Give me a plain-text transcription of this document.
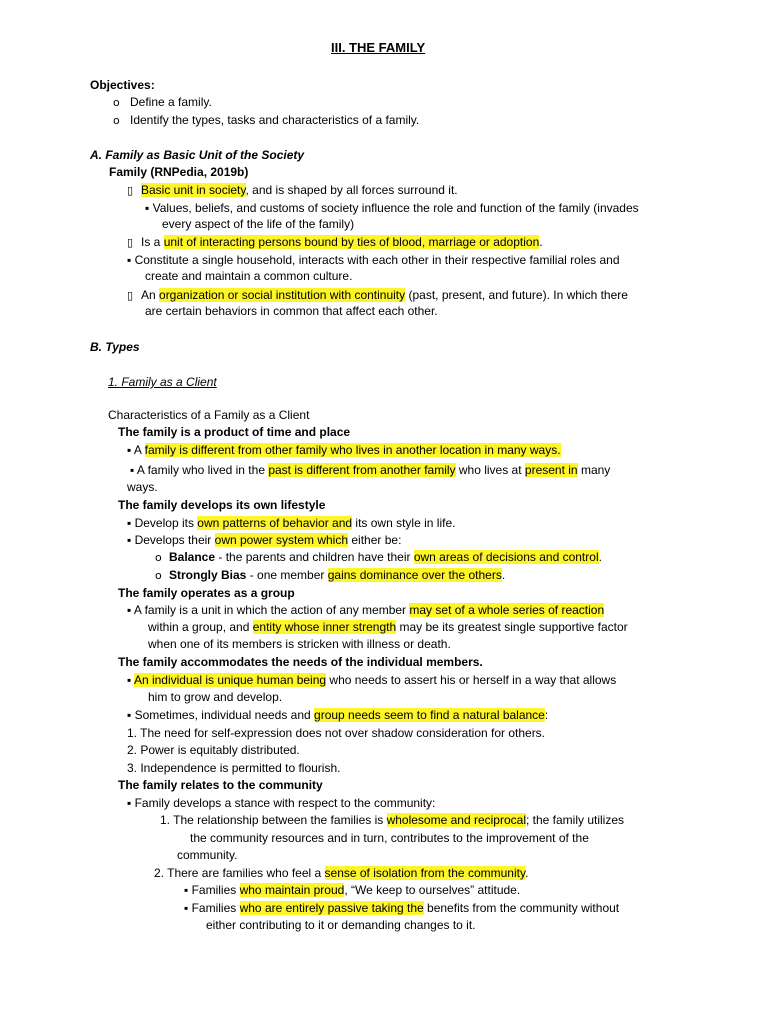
III. THE FAMILY
Objectives:
o Define a family.
o Identify the types, tasks and characteristics of a family.
A. Family as Basic Unit of the Society
Family (RNPedia, 2019b)
▯ Basic unit in society, and is shaped by all forces surround it.
▪ Values, beliefs, and customs of society influence the role and function of the family (invades
every aspect of the life of the family)
▯ Is a unit of interacting persons bound by ties of blood, marriage or adoption.
▪ Constitute a single household, interacts with each other in their respective familial roles and
create and maintain a common culture.
▯ An organization or social institution with continuity (past, present, and future). In which there
are certain behaviors in common that affect each other.
B. Types
1. Family as a Client
Characteristics of a Family as a Client
The family is a product of time and place
▪ A family is different from other family who lives in another location in many ways.
▪ A family who lived in the past is different from another family who lives at present in many
ways.
The family develops its own lifestyle
▪ Develop its own patterns of behavior and its own style in life.
▪ Develops their own power system which either be:
o Balance - the parents and children have their own areas of decisions and control.
o Strongly Bias - one member gains dominance over the others.
The family operates as a group
▪ A family is a unit in which the action of any member may set of a whole series of reaction
within a group, and entity whose inner strength may be its greatest single supportive factor
when one of its members is stricken with illness or death.
The family accommodates the needs of the individual members.
▪ An individual is unique human being who needs to assert his or herself in a way that allows
him to grow and develop.
▪ Sometimes, individual needs and group needs seem to find a natural balance:
1. The need for self-expression does not over shadow consideration for others.
2. Power is equitably distributed.
3. Independence is permitted to flourish.
The family relates to the community
▪ Family develops a stance with respect to the community:
1. The relationship between the families is wholesome and reciprocal; the family utilizes
the community resources and in turn, contributes to the improvement of the
community.
2. There are families who feel a sense of isolation from the community.
▪ Families who maintain proud, “We keep to ourselves” attitude.
▪ Families who are entirely passive taking the benefits from the community without
either contributing to it or demanding changes to it.
